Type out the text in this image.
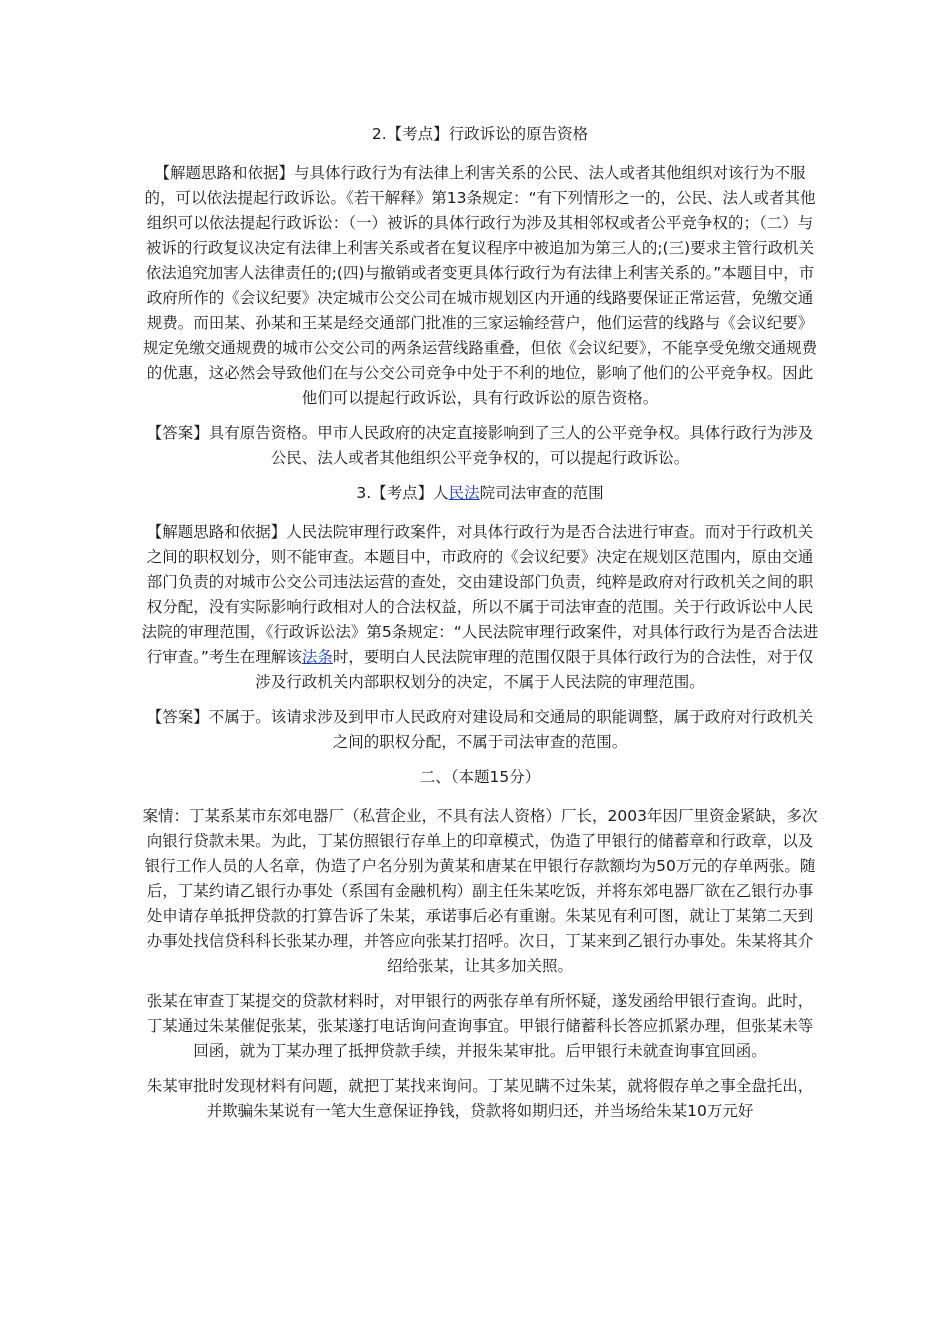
2.【考点】行政诉讼的原告资格

【解题思路和依据】与具体行政行为有法律上利害关系的公民、法人或者其他组织对该行为不服的，可以依法提起行政诉讼。《若干解释》第13条规定：“有下列情形之一的，公民、法人或者其他组织可以依法提起行政诉讼：（一）被诉的具体行政行为涉及其相邻权或者公平竞争权的；（二）与被诉的行政复议决定有法律上利害关系或者在复议程序中被追加为第三人的;(三)要求主管行政机关依法追究加害人法律责任的;(四)与撤销或者变更具体行政行为有法律上利害关系的。”本题目中，市政府所作的《会议纪要》决定城市公交公司在城市规划区内开通的线路要保证正常运营，免缴交通规费。而田某、孙某和王某是经交通部门批准的三家运输经营户，他们运营的线路与《会议纪要》规定免缴交通规费的城市公交公司的两条运营线路重叠，但依《会议纪要》，不能享受免缴交通规费的优惠，这必然会导致他们在与公交公司竞争中处于不利的地位，影响了他们的公平竞争权。因此他们可以提起行政诉讼，具有行政诉讼的原告资格。

【答案】具有原告资格。甲市人民政府的决定直接影响到了三人的公平竞争权。具体行政行为涉及公民、法人或者其他组织公平竞争权的，可以提起行政诉讼。

3.【考点】人民法院司法审查的范围

【解题思路和依据】人民法院审理行政案件，对具体行政行为是否合法进行审查。而对于行政机关之间的职权划分，则不能审查。本题目中，市政府的《会议纪要》决定在规划区范围内，原由交通部门负责的对城市公交公司违法运营的查处，交由建设部门负责，纯粹是政府对行政机关之间的职权分配，没有实际影响行政相对人的合法权益，所以不属于司法审查的范围。关于行政诉讼中人民法院的审理范围，《行政诉讼法》第5条规定：“人民法院审理行政案件，对具体行政行为是否合法进行审查。”考生在理解该法条时，要明白人民法院审理的范围仅限于具体行政行为的合法性，对于仅涉及行政机关内部职权划分的决定，不属于人民法院的审理范围。

【答案】不属于。该请求涉及到甲市人民政府对建设局和交通局的职能调整，属于政府对行政机关之间的职权分配，不属于司法审查的范围。

二、（本题15分）

案情：丁某系某市东郊电器厂（私营企业，不具有法人资格）厂长，2003年因厂里资金紧缺，多次向银行贷款未果。为此，丁某仿照银行存单上的印章模式，伪造了甲银行的储蓄章和行政章，以及银行工作人员的人名章，伪造了户名分别为黄某和唐某在甲银行存款额均为50万元的存单两张。随后，丁某约请乙银行办事处（系国有金融机构）副主任朱某吃饭，并将东郊电器厂欲在乙银行办事处申请存单抵押贷款的打算告诉了朱某，承诺事后必有重谢。朱某见有利可图，就让丁某第二天到办事处找信贷科科长张某办理，并答应向张某打招呼。次日，丁某来到乙银行办事处。朱某将其介绍给张某，让其多加关照。

张某在审查丁某提交的贷款材料时，对甲银行的两张存单有所怀疑，遂发函给甲银行查询。此时，丁某通过朱某催促张某，张某遂打电话询问查询事宜。甲银行储蓄科长答应抓紧办理，但张某未等回函，就为丁某办理了抵押贷款手续，并报朱某审批。后甲银行未就查询事宜回函。

朱某审批时发现材料有问题，就把丁某找来询问。丁某见瞒不过朱某，就将假存单之事全盘托出，并欺骗朱某说有一笔大生意保证挣钱，贷款将如期归还，并当场给朱某10万元好
